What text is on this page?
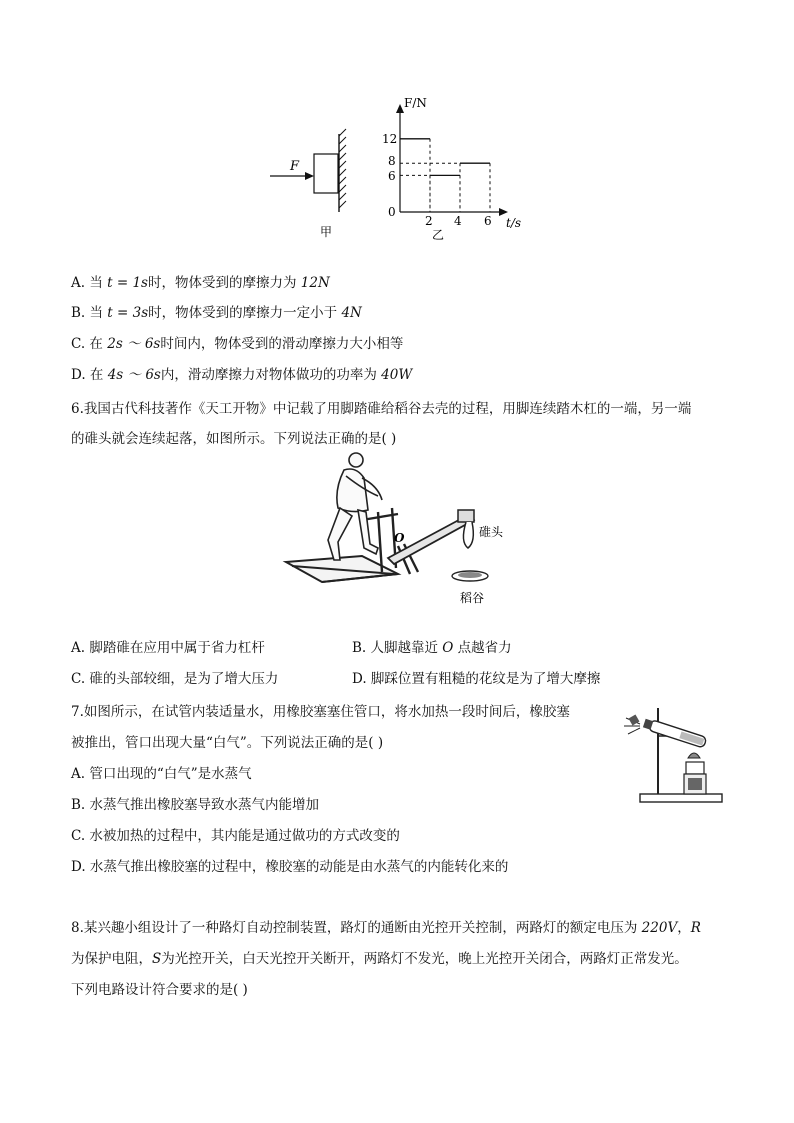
F
甲
F/N
t/s
0
12
8
6
2 4 6
乙
A. 当 t = 1s时，物体受到的摩擦力为 12N
B. 当 t = 3s时，物体受到的摩擦力一定小于 4N
C. 在 2s ～ 6s时间内，物体受到的滑动摩擦力大小相等
D. 在 4s ～ 6s内，滑动摩擦力对物体做功的功率为 40W
6.我国古代科技著作《天工开物》中记载了用脚踏碓给稻谷去壳的过程，用脚连续踏木杠的一端，另一端
的碓头就会连续起落，如图所示。下列说法正确的是( )
O	碓头
稻谷
A. 脚踏碓在应用中属于省力杠杆	B. 人脚越靠近 O 点越省力
C. 碓的头部较细，是为了增大压力	D. 脚踩位置有粗糙的花纹是为了增大摩擦
7.如图所示，在试管内装适量水，用橡胶塞塞住管口，将水加热一段时间后，橡胶塞
被推出，管口出现大量“白气”。下列说法正确的是( )
A. 管口出现的“白气”是水蒸气
B. 水蒸气推出橡胶塞导致水蒸气内能增加
C. 水被加热的过程中，其内能是通过做功的方式改变的
D. 水蒸气推出橡胶塞的过程中，橡胶塞的动能是由水蒸气的内能转化来的
8.某兴趣小组设计了一种路灯自动控制装置，路灯的通断由光控开关控制，两路灯的额定电压为 220V，R
为保护电阻，S为光控开关，白天光控开关断开，两路灯不发光，晚上光控开关闭合，两路灯正常发光。
下列电路设计符合要求的是( )
